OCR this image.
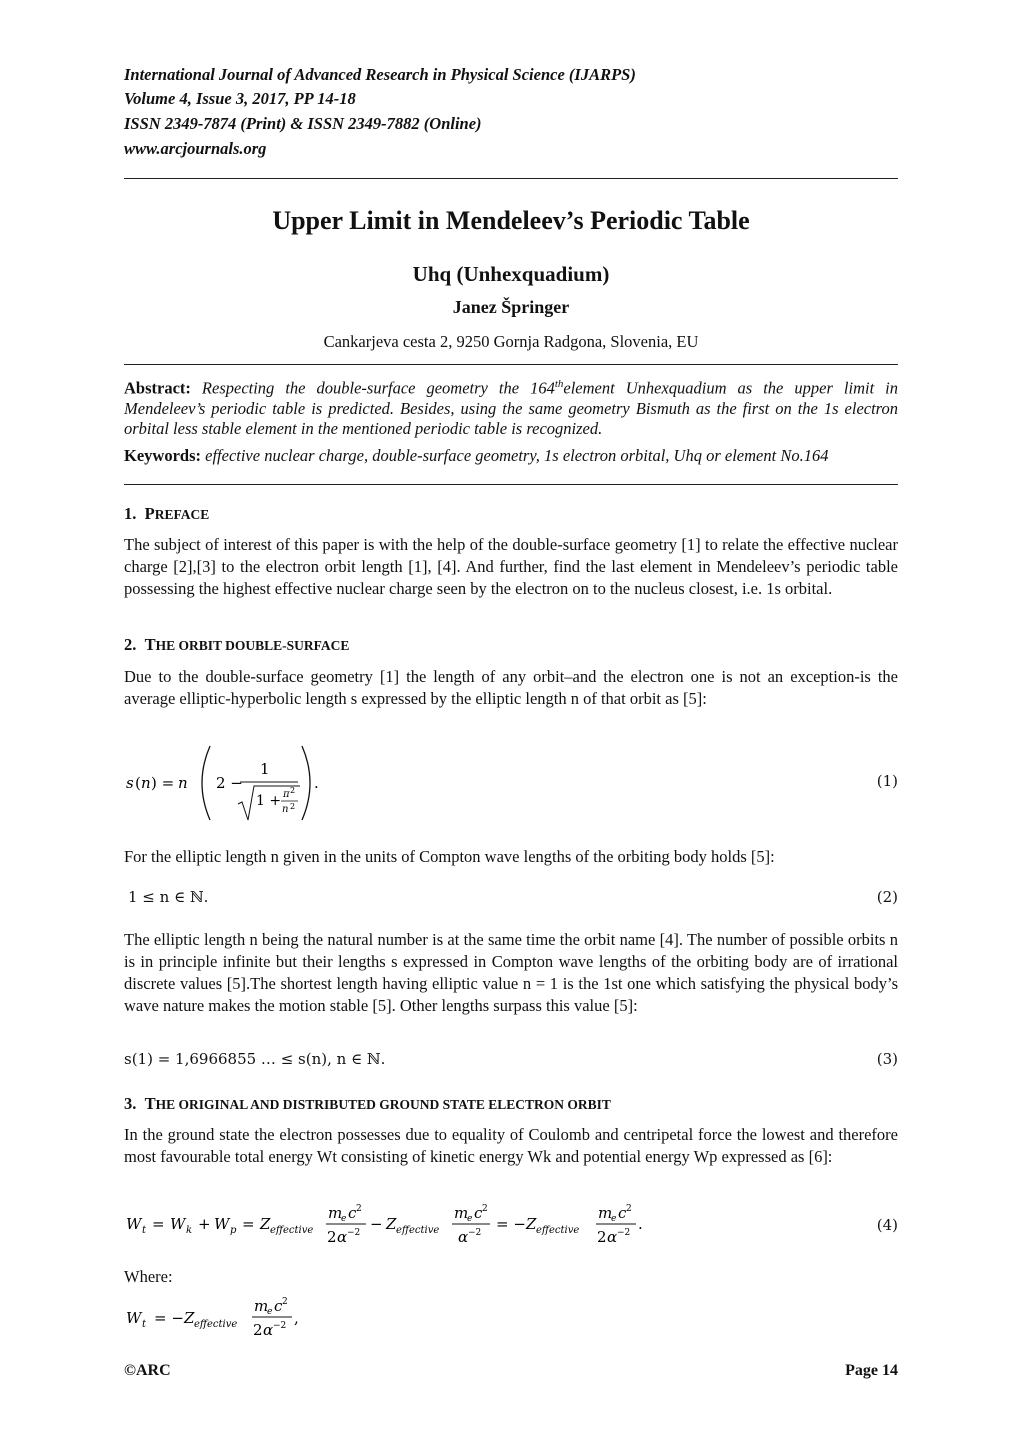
International Journal of Advanced Research in Physical Science (IJARPS)
Volume 4, Issue 3, 2017, PP 14-18
ISSN 2349-7874 (Print) & ISSN 2349-7882 (Online)
www.arcjournals.org
Upper Limit in Mendeleev’s Periodic Table
Uhq (Unhexquadium)
Janez Špringer
Cankarjeva cesta 2, 9250 Gornja Radgona, Slovenia, EU
Abstract: Respecting the double-surface geometry the 164thelement Unhexquadium as the upper limit in Mendeleev’s periodic table is predicted. Besides, using the same geometry Bismuth as the first on the 1s electron orbital less stable element in the mentioned periodic table is recognized.
Keywords: effective nuclear charge, double-surface geometry, 1s electron orbital, Uhq or element No.164
1. PREFACE
The subject of interest of this paper is with the help of the double-surface geometry [1] to relate the effective nuclear charge [2],[3] to the electron orbit length [1], [4]. And further, find the last element in Mendeleev’s periodic table possessing the highest effective nuclear charge seen by the electron on to the nucleus closest, i.e. 1s orbital.
2. THE ORBIT DOUBLE-SURFACE
Due to the double-surface geometry [1] the length of any orbit–and the electron one is not an exception-is the average elliptic-hyperbolic length s expressed by the elliptic length n of that orbit as [5]:
s ( n ) = n 2 −
1
1 + π 2
n 2
.	(1)
For the elliptic length n given in the units of Compton wave lengths of the orbiting body holds [5]:
1 ≤ n ∈ ℕ.	(2)
The elliptic length n being the natural number is at the same time the orbit name [4]. The number of possible orbits n is in principle infinite but their lengths s expressed in Compton wave lengths of the orbiting body are of irrational discrete values [5].The shortest length having elliptic value n = 1 is the 1st one which satisfying the physical body’s wave nature makes the motion stable [5]. Other lengths surpass this value [5]:
s(1) = 1,6966855 … ≤ s(n), n ∈ ℕ.	(3)
3. THE ORIGINAL AND DISTRIBUTED GROUND STATE ELECTRON ORBIT
In the ground state the electron possesses due to equality of Coulomb and centripetal force the lowest and therefore most favourable total energy Wt consisting of kinetic energy Wk and potential energy Wp expressed as [6]:
W t = W k + W p = Z effective
m
e c 2
2 α −2 − Z effective
m
e c 2
α −2 = − Z effective
m
e c 2
2 α −2 .	(4)
Where:
W t = − Z effective
m
e c 2
2 α −2 ,
©ARC	Page 14
